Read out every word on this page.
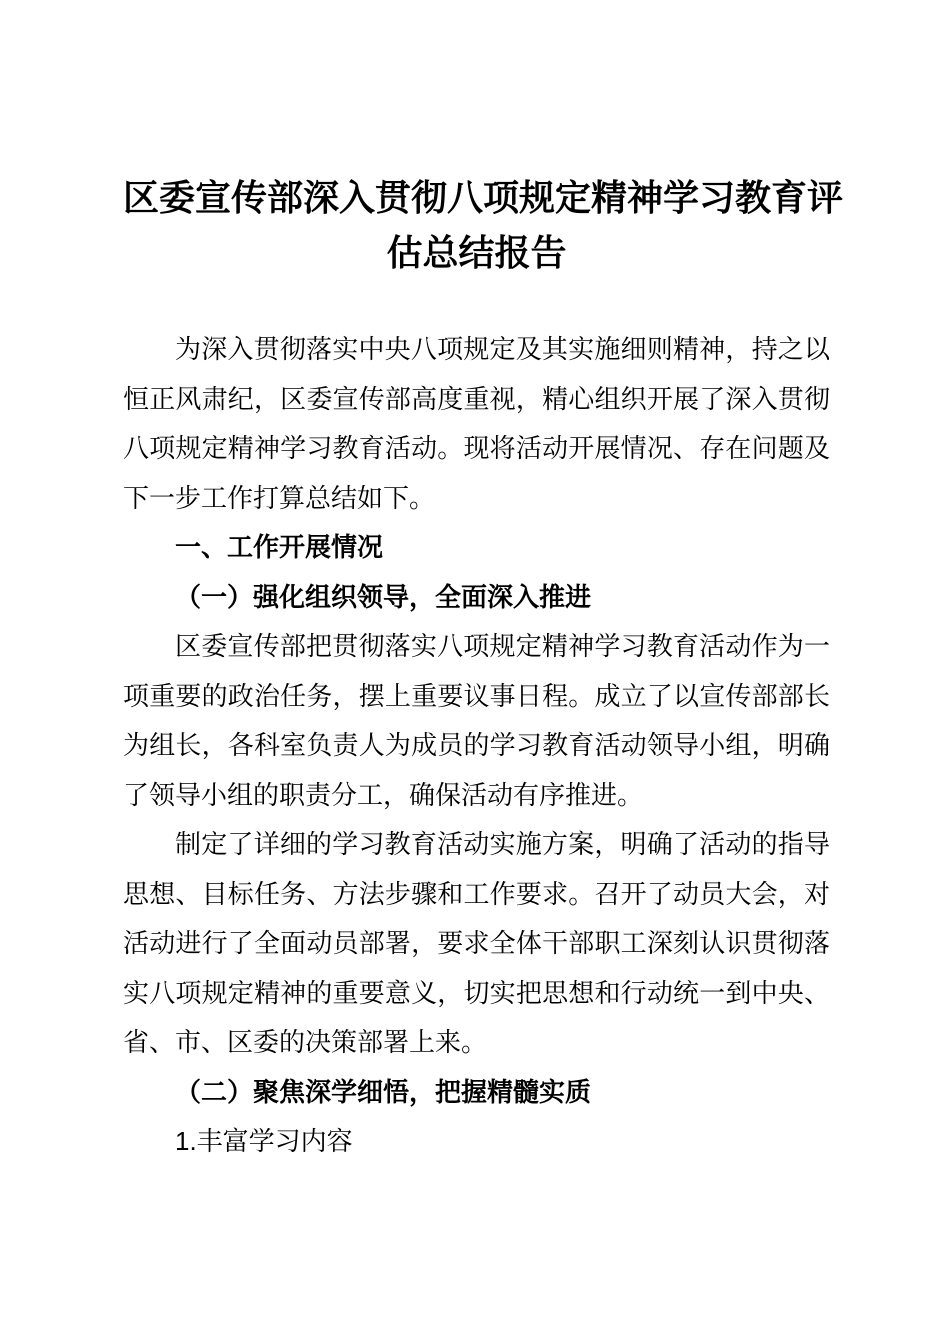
区委宣传部深入贯彻八项规定精神学习教育评
估总结报告

为深入贯彻落实中央八项规定及其实施细则精神，持之以恒正风肃纪，区委宣传部高度重视，精心组织开展了深入贯彻八项规定精神学习教育活动。现将活动开展情况、存在问题及下一步工作打算总结如下。

一、工作开展情况

（一）强化组织领导，全面深入推进

区委宣传部把贯彻落实八项规定精神学习教育活动作为一项重要的政治任务，摆上重要议事日程。成立了以宣传部部长为组长，各科室负责人为成员的学习教育活动领导小组，明确了领导小组的职责分工，确保活动有序推进。

制定了详细的学习教育活动实施方案，明确了活动的指导思想、目标任务、方法步骤和工作要求。召开了动员大会，对活动进行了全面动员部署，要求全体干部职工深刻认识贯彻落实八项规定精神的重要意义，切实把思想和行动统一到中央、省、市、区委的决策部署上来。

（二）聚焦深学细悟，把握精髓实质

1.丰富学习内容
